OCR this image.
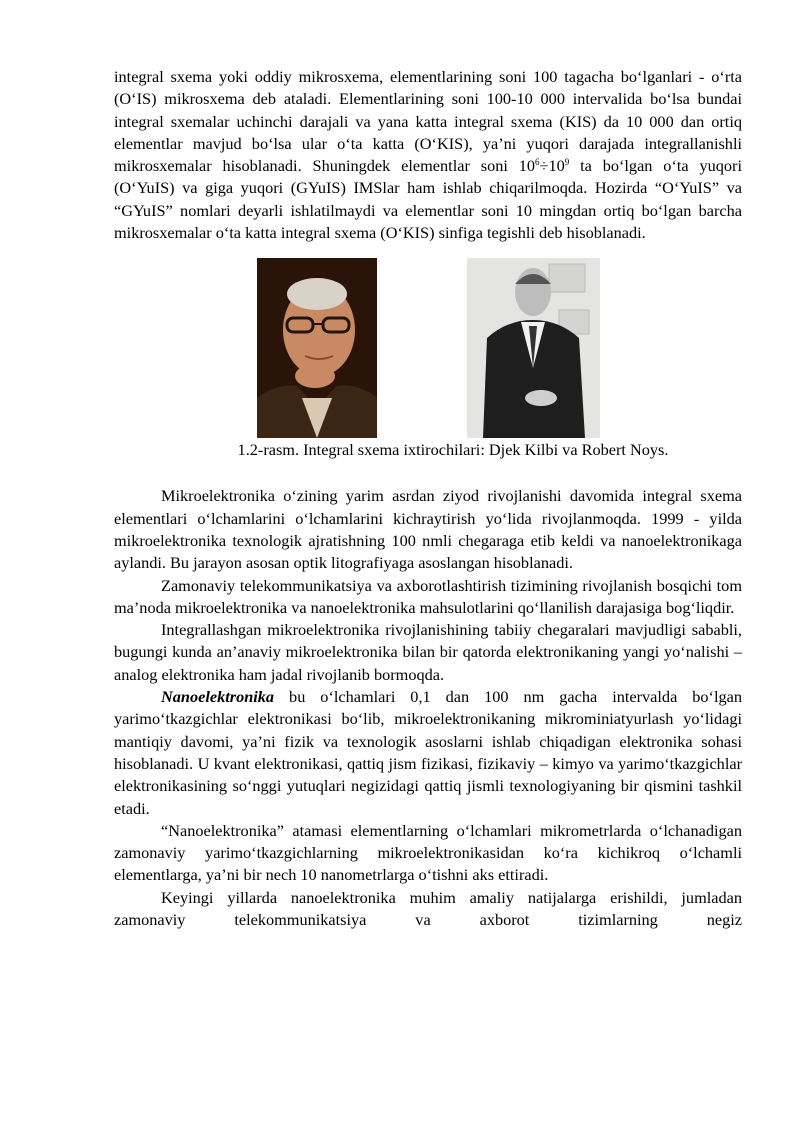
integral sxema yoki oddiy mikrosxema, elementlarining soni 100 tagacha bo‘lganlari - o‘rta (O‘IS) mikrosxema deb ataladi. Elementlarining soni 100-10 000 intervalida bo‘lsa bundai integral sxemalar uchinchi darajali va yana katta integral sxema (KIS) da 10 000 dan ortiq elementlar mavjud bo‘lsa ular o‘ta katta (O‘KIS), ya’ni yuqori darajada integrallanishli mikrosxemalar hisoblanadi. Shuningdek elementlar soni $10^6\div 10^9$ ta bo‘lgan o‘ta yuqori (O‘YuIS) va giga yuqori (GYuIS) IMSlar ham ishlab chiqarilmoqda. Hozirda “O‘YuIS” va “GYuIS” nomlari deyarli ishlatilmaydi va elementlar soni 10 mingdan ortiq bo‘lgan barcha mikrosxemalar o‘ta katta integral sxema (O‘KIS) sinfiga tegishli deb hisoblanadi.

1.2-rasm. Integral sxema ixtirochilari: Djek Kilbi va Robert Noys.

Mikroelektronika o‘zining yarim asrdan ziyod rivojlanishi davomida integral sxema elementlari o‘lchamlarini o‘lchamlarini kichraytirish yo‘lida rivojlanmoqda. 1999 - yilda mikroelektronika texnologik ajratishning 100 nmli chegaraga etib keldi va nanoelektronikaga aylandi. Bu jarayon asosan optik litografiyaga asoslangan hisoblanadi.

Zamonaviy telekommunikatsiya va axborotlashtirish tizimining rivojlanish bosqichi tom ma’noda mikroelektronika va nanoelektronika mahsulotlarini qo‘llanilish darajasiga bog‘liqdir.

Integrallashgan mikroelektronika rivojlanishining tabiiy chegaralari mavjudligi sababli, bugungi kunda an’anaviy mikroelektronika bilan bir qatorda elektronikaning yangi yo‘nalishi – analog elektronika ham jadal rivojlanib bormoqda.

Nanoelektronika bu o‘lchamlari 0,1 dan 100 nm gacha intervalda bo‘lgan yarimo‘tkazgichlar elektronikasi bo‘lib, mikroelektronikaning mikrominiatyurlash yo‘lidagi mantiqiy davomi, ya’ni fizik va texnologik asoslarni ishlab chiqadigan elektronika sohasi hisoblanadi. U kvant elektronikasi, qattiq jism fizikasi, fizikaviy – kimyo va yarimo‘tkazgichlar elektronikasining so‘nggi yutuqlari negizidagi qattiq jismli texnologiyaning bir qismini tashkil etadi.

“Nanoelektronika” atamasi elementlarning o‘lchamlari mikrometrlarda o‘lchanadigan zamonaviy yarimo‘tkazgichlarning mikroelektronikasidan ko‘ra kichikroq o‘lchamli elementlarga, ya’ni bir nech 10 nanometrlarga o‘tishni aks ettiradi.

Keyingi yillarda nanoelektronika muhim amaliy natijalarga erishildi, jumladan zamonaviy telekommunikatsiya va axborot tizimlarning negiz
